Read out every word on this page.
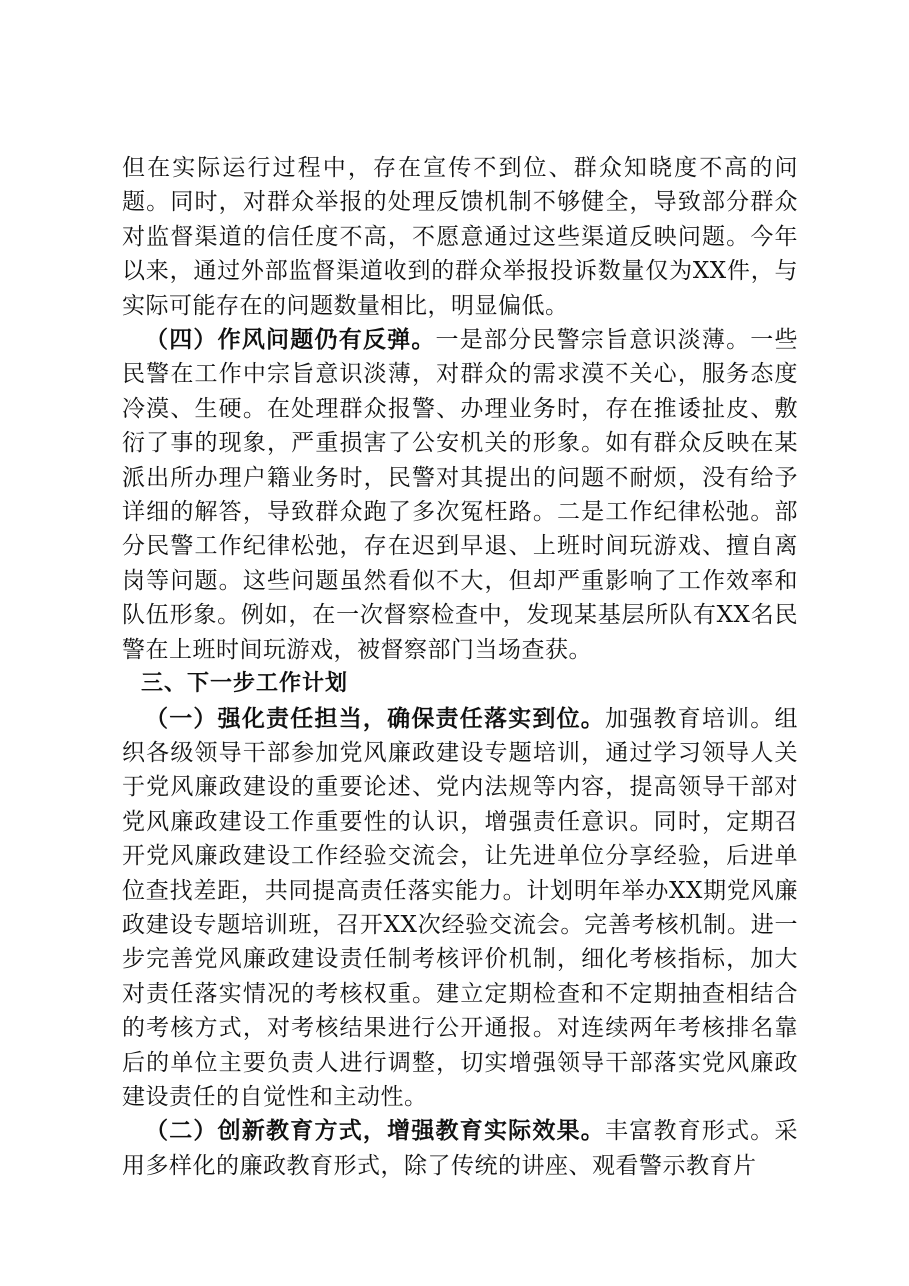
但在实际运行过程中，存在宣传不到位、群众知晓度不高的问题。同时，对群众举报的处理反馈机制不够健全，导致部分群众对监督渠道的信任度不高，不愿意通过这些渠道反映问题。今年以来，通过外部监督渠道收到的群众举报投诉数量仅为XX件，与实际可能存在的问题数量相比，明显偏低。

（四）作风问题仍有反弹。一是部分民警宗旨意识淡薄。一些民警在工作中宗旨意识淡薄，对群众的需求漠不关心，服务态度冷漠、生硬。在处理群众报警、办理业务时，存在推诿扯皮、敷衍了事的现象，严重损害了公安机关的形象。如有群众反映在某派出所办理户籍业务时，民警对其提出的问题不耐烦，没有给予详细的解答，导致群众跑了多次冤枉路。二是工作纪律松弛。部分民警工作纪律松弛，存在迟到早退、上班时间玩游戏、擅自离岗等问题。这些问题虽然看似不大，但却严重影响了工作效率和队伍形象。例如，在一次督察检查中，发现某基层所队有XX名民警在上班时间玩游戏，被督察部门当场查获。

三、下一步工作计划

（一）强化责任担当，确保责任落实到位。加强教育培训。组织各级领导干部参加党风廉政建设专题培训，通过学习领导人关于党风廉政建设的重要论述、党内法规等内容，提高领导干部对党风廉政建设工作重要性的认识，增强责任意识。同时，定期召开党风廉政建设工作经验交流会，让先进单位分享经验，后进单位查找差距，共同提高责任落实能力。计划明年举办XX期党风廉政建设专题培训班，召开XX次经验交流会。完善考核机制。进一步完善党风廉政建设责任制考核评价机制，细化考核指标，加大对责任落实情况的考核权重。建立定期检查和不定期抽查相结合的考核方式，对考核结果进行公开通报。对连续两年考核排名靠后的单位主要负责人进行调整，切实增强领导干部落实党风廉政建设责任的自觉性和主动性。

（二）创新教育方式，增强教育实际效果。丰富教育形式。采用多样化的廉政教育形式，除了传统的讲座、观看警示教育片
